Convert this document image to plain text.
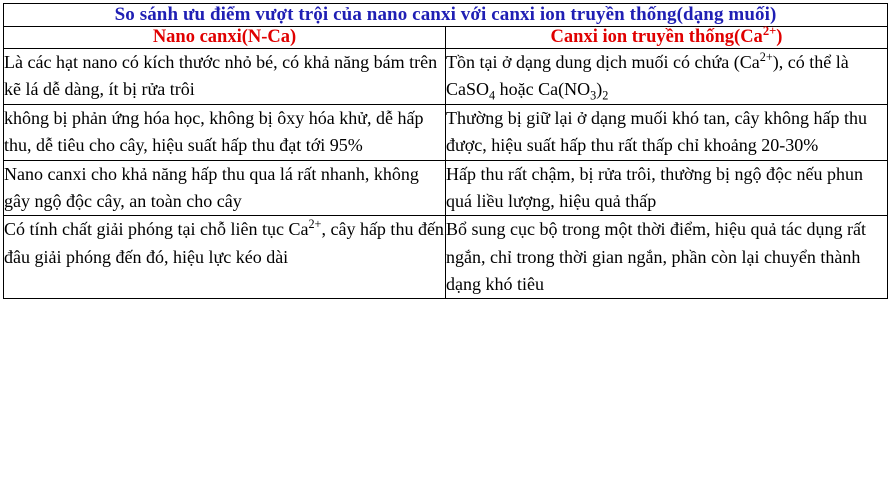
So sánh ưu điểm vượt trội của nano canxi với canxi ion truyền thống(dạng muối)	
Nano canxi(N-Ca)	Canxi ion truyền $thống(Ca^{2+})$

Là các hạt nano có kích thước nhỏ bé, có khả năng bám trên kẽ lá dễ dàng, ít bị rửa trôi	Tồn tại ở dạng dung dịch muối có chứa $(Ca^{2+})$, có thể là CaSO$_4$ hoặc $Ca(NO_3)_2$

không bị phản ứng hóa học, không bị ôxy hóa khử, dễ hấp thu, dễ tiêu cho cây, hiệu suất hấp thu đạt tới 95%	Thường bị giữ lại ở dạng muối khó tan, cây không hấp thu được, hiệu suất hấp thu rất thấp chỉ khoảng 20-30%

Nano canxi cho khả năng hấp thu qua lá rất nhanh, không gây ngộ độc cây, an toàn cho cây	Hấp thu rất chậm, bị rửa trôi, thường bị ngộ độc nếu phun quá liều lượng, hiệu quả thấp

Có tính chất giải phóng tại chỗ liên tục $Ca^{2+}$, cây hấp thu đến đâu giải phóng đến đó, hiệu lực kéo dài	Bổ sung cục bộ trong một thời điểm, hiệu quả tác dụng rất ngắn, chỉ trong thời gian ngắn, phần còn lại chuyển thành dạng khó tiêu
